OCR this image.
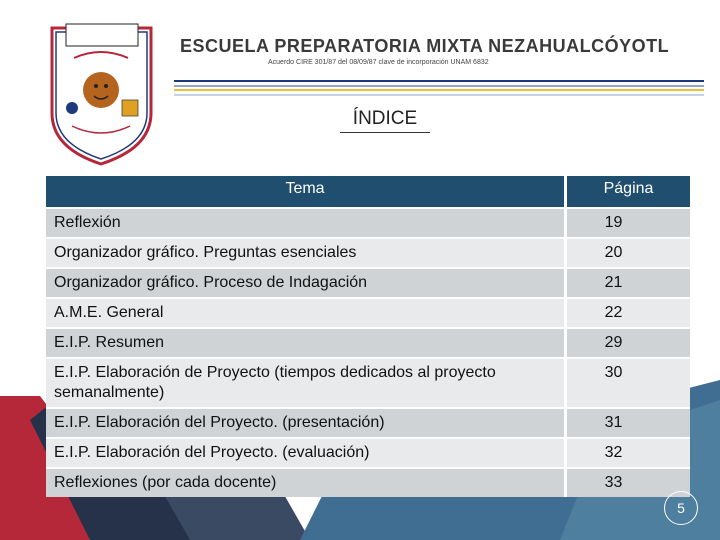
ESCUELA PREPARATORIA MIXTA NEZAHUALCÓYOTL
Acuerdo CIRE 301/87 del 08/09/87 clave de incorporación UNAM 6832
ÍNDICE
Tema	Página
Reflexión	19
Organizador gráfico. Preguntas esenciales	20
Organizador gráfico. Proceso de Indagación	21
A.M.E. General	22
E.I.P. Resumen	29
E.I.P. Elaboración de Proyecto (tiempos dedicados al proyecto semanalmente)	30
E.I.P. Elaboración del Proyecto. (presentación)	31
E.I.P. Elaboración del Proyecto. (evaluación)	32
Reflexiones (por cada docente)	33
5
